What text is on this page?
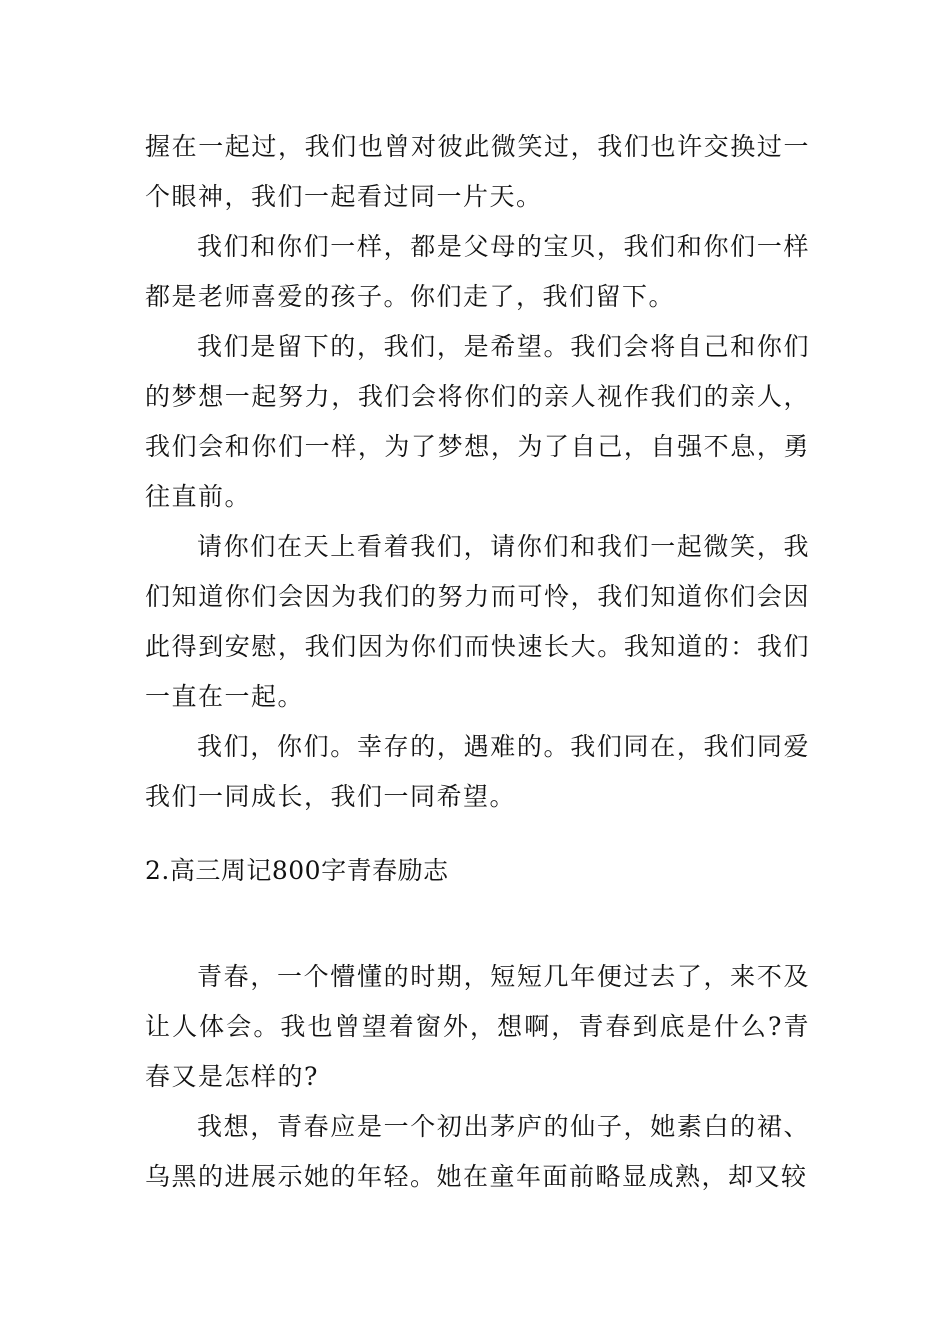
握在一起过，我们也曾对彼此微笑过，我们也许交换过一个眼神，我们一起看过同一片天。

我们和你们一样，都是父母的宝贝，我们和你们一样都是老师喜爱的孩子。你们走了，我们留下。

我们是留下的，我们，是希望。我们会将自己和你们的梦想一起努力，我们会将你们的亲人视作我们的亲人，我们会和你们一样，为了梦想，为了自己，自强不息，勇往直前。

请你们在天上看着我们，请你们和我们一起微笑，我们知道你们会因为我们的努力而可怜，我们知道你们会因此得到安慰，我们因为你们而快速长大。我知道的：我们一直在一起。

我们，你们。幸存的，遇难的。我们同在，我们同爱我们一同成长，我们一同希望。

2.高三周记800字青春励志

青春，一个懵懂的时期，短短几年便过去了，来不及让人体会。我也曾望着窗外，想啊，青春到底是什么?青春又是怎样的?

我想，青春应是一个初出茅庐的仙子，她素白的裙、乌黑的进展示她的年轻。她在童年面前略显成熟，却又较
